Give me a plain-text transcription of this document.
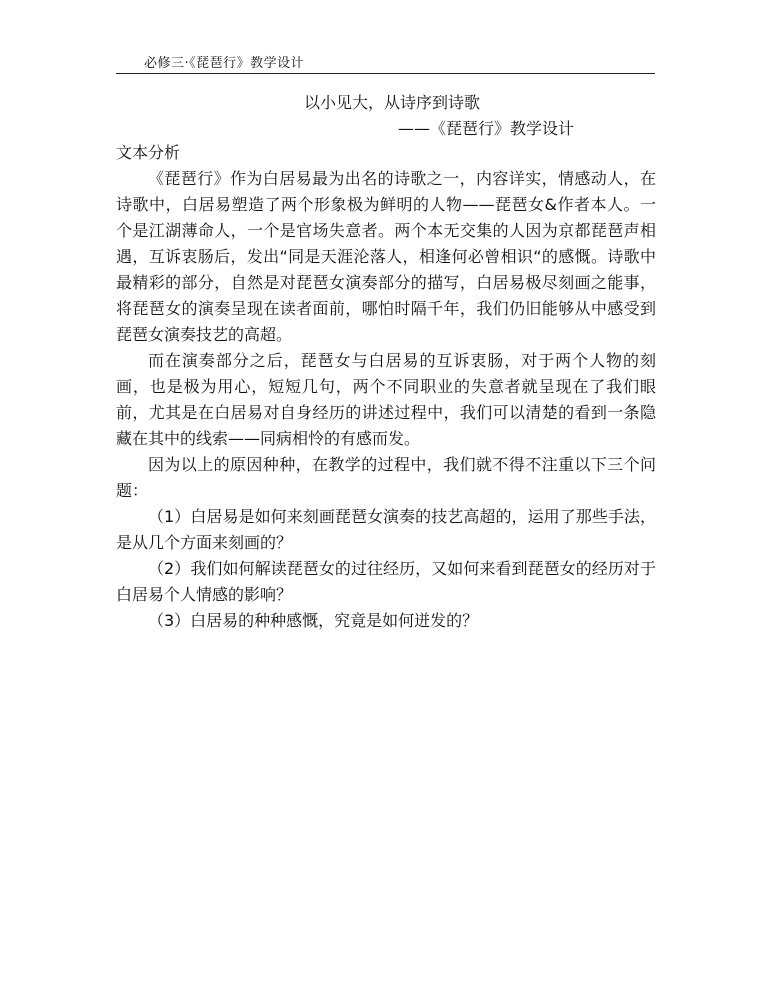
必修三·《琵琶行》教学设计
以小见大，从诗序到诗歌
——《琵琶行》教学设计

文本分析

《琵琶行》作为白居易最为出名的诗歌之一，内容详实，情感动人，在诗歌中，白居易塑造了两个形象极为鲜明的人物——琵琶女&作者本人。一个是江湖薄命人，一个是官场失意者。两个本无交集的人因为京都琵琶声相遇，互诉衷肠后，发出“同是天涯沦落人，相逢何必曾相识“的感慨。诗歌中最精彩的部分，自然是对琵琶女演奏部分的描写，白居易极尽刻画之能事，将琵琶女的演奏呈现在读者面前，哪怕时隔千年，我们仍旧能够从中感受到琵琶女演奏技艺的高超。

而在演奏部分之后，琵琶女与白居易的互诉衷肠，对于两个人物的刻画，也是极为用心，短短几句，两个不同职业的失意者就呈现在了我们眼前，尤其是在白居易对自身经历的讲述过程中，我们可以清楚的看到一条隐藏在其中的线索——同病相怜的有感而发。

因为以上的原因种种，在教学的过程中，我们就不得不注重以下三个问题：

（1）白居易是如何来刻画琵琶女演奏的技艺高超的，运用了那些手法，是从几个方面来刻画的？

（2）我们如何解读琵琶女的过往经历，又如何来看到琵琶女的经历对于白居易个人情感的影响？

（3）白居易的种种感慨，究竟是如何迸发的？
